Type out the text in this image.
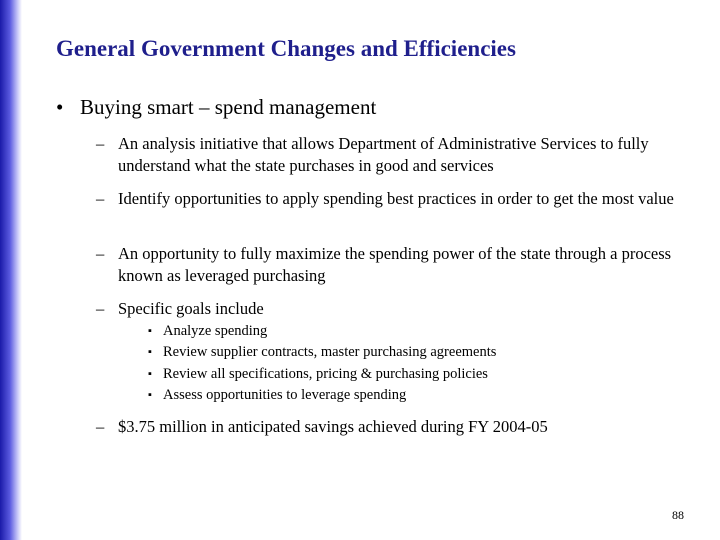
General Government Changes and Efficiencies
• Buying smart – spend management
– An analysis initiative that allows Department of Administrative Services to fully understand what the state purchases in good and services
– Identify opportunities to apply spending best practices in order to get the most value
– An opportunity to fully maximize the spending power of the state through a process known as leveraged purchasing
– Specific goals include
▪ Analyze spending
▪ Review supplier contracts, master purchasing agreements
▪ Review all specifications, pricing & purchasing policies
▪ Assess opportunities to leverage spending
– $3.75 million in anticipated savings achieved during FY 2004-05
88
